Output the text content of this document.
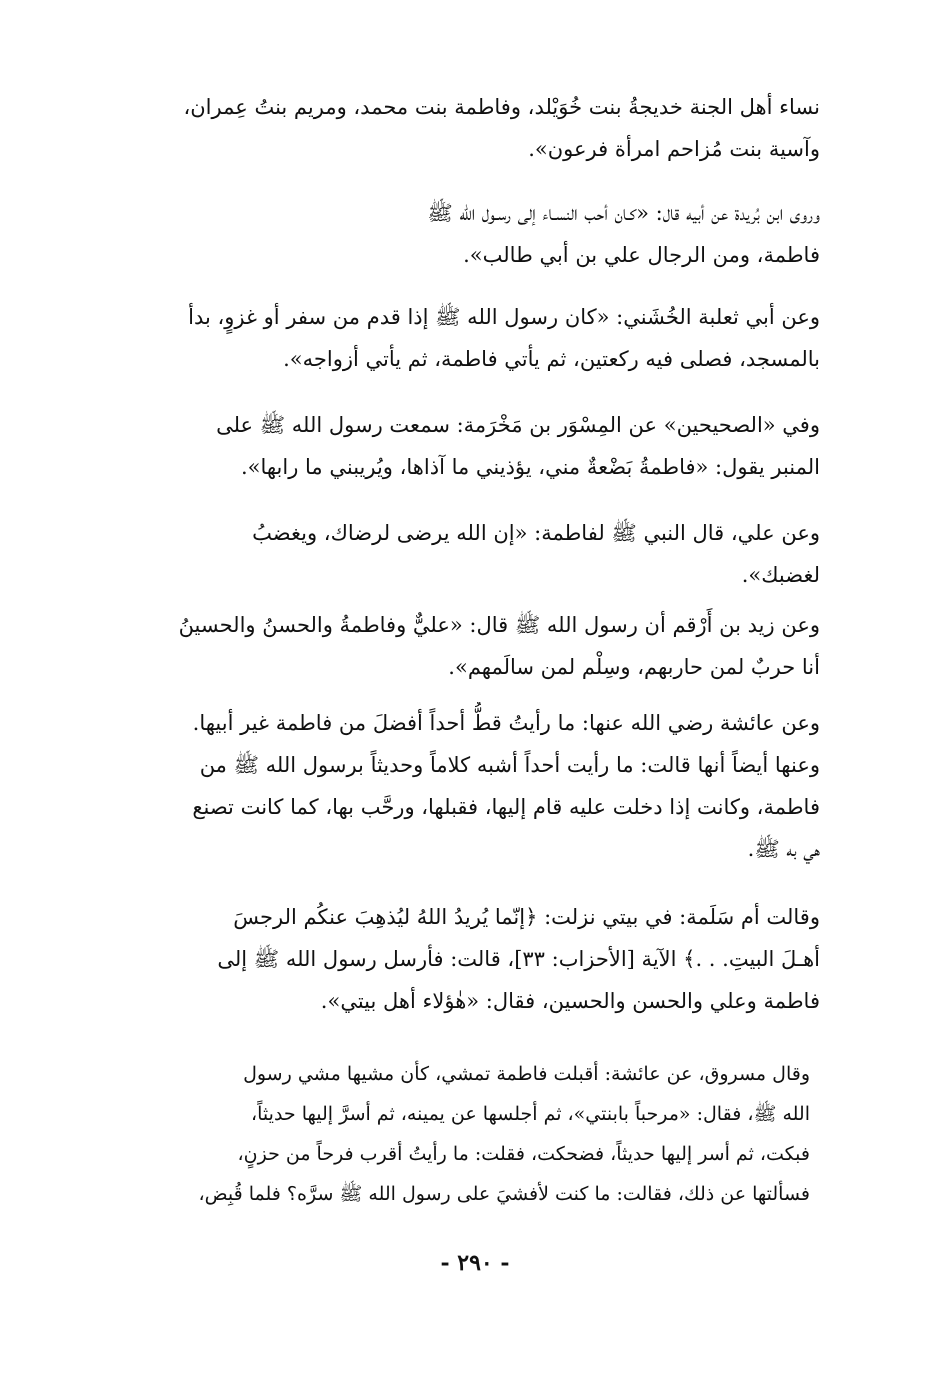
نساء أهل الجنة خديجةُ بنت خُوَيْلد، وفاطمة بنت محمد، ومريم بنتُ عِمران،
وآسية بنت مُزاحم امرأة فرعون».
وروى ابن بُريدة عن أبيه قال: «كـان أحب النسـاء إلى رسـول الله ﷺ
فاطمة، ومن الرجال علي بن أبي طالب».
وعن أبي ثعلبة الخُشَني: «كان رسول الله ﷺ إذا قدم من سفر أو غزوٍ، بدأ
بالمسجد، فصلى فيه ركعتين، ثم يأتي فاطمة، ثم يأتي أزواجه».
وفي «الصحيحين» عن المِسْوَر بن مَخْرَمة: سمعت رسول الله ﷺ على
المنبر يقول: «فاطمةُ بَضْعةٌ مني، يؤذيني ما آذاها، ويُريبني ما رابها».
وعن علي، قال النبي ﷺ لفاطمة: «إن الله يرضى لرضاك، ويغضبُ
لغضبك».
وعن زيد بن أَرْقم أن رسول الله ﷺ قال: «عليٌّ وفاطمةُ والحسنُ والحسينُ
أنا حربٌ لمن حاربهم، وسِلْم لمن سالَمهم».
وعن عائشة رضي الله عنها: ما رأيتُ قطُّ أحداً أفضلَ من فاطمة غير أبيها.
وعنها أيضاً أنها قالت: ما رأيت أحداً أشبه كلاماً وحديثاً برسول الله ﷺ من
فاطمة، وكانت إذا دخلت عليه قام إليها، فقبلها، ورحَّب بها، كما كانت تصنع
هي به ﷺ.
وقالت أم سَلَمة: في بيتي نزلت: ﴿إنّما يُريدُ اللهُ ليُذهِبَ عنكُم الرجسَ
أهـلَ البيتِ. . .﴾ الآية [الأحزاب: ٣٣]، قالت: فأرسل رسول الله ﷺ إلى
فاطمة وعلي والحسن والحسين، فقال: «هٰؤلاء أهل بيتي».
وقال مسروق، عن عائشة: أقبلت فاطمة تمشي، كأن مشيها مشي رسول
الله ﷺ، فقال: «مرحباً بابنتي»، ثم أجلسها عن يمينه، ثم أسرَّ إليها حديثاً،
فبكت، ثم أسر إليها حديثاً، فضحكت، فقلت: ما رأيتُ أقرب فرحاً من حزنٍ،
فسألتها عن ذلك، فقالت: ما كنت لأفشيَ على رسول الله ﷺ سرَّه؟ فلما قُبِض،
- ٢٩٠ -
